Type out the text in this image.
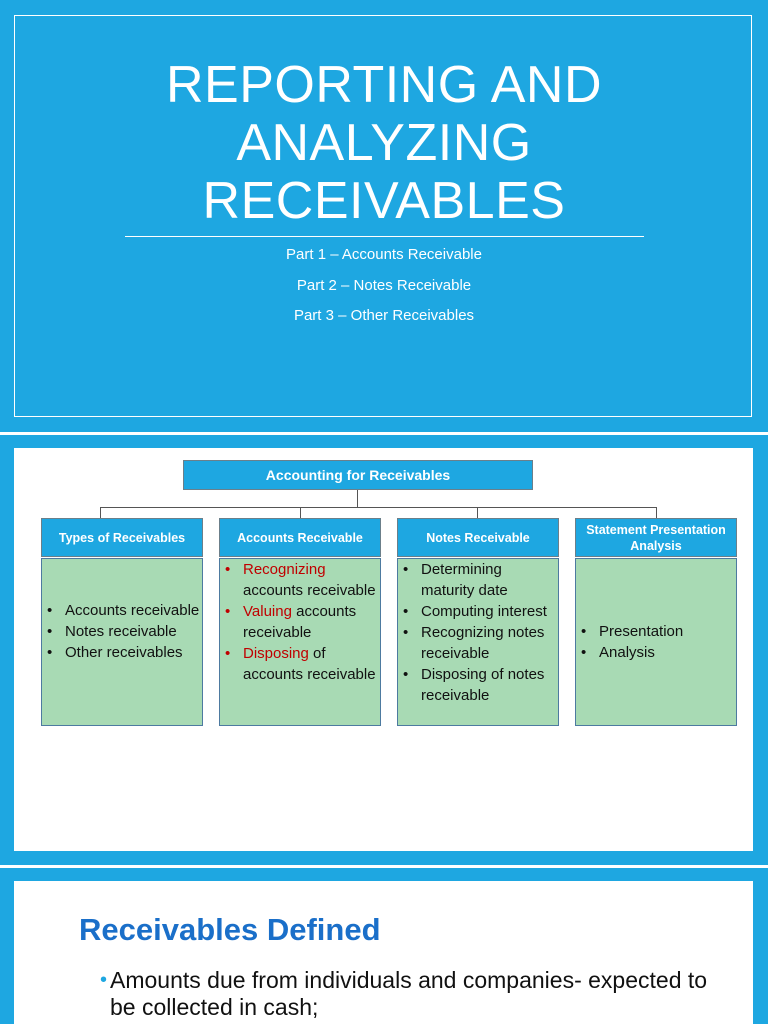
REPORTING AND
ANALYZING
RECEIVABLES
Part 1 – Accounts Receivable
Part 2 – Notes Receivable
Part 3 – Other Receivables
Accounting for Receivables
Types of Receivables
• Accounts receivable
• Notes receivable
• Other receivables
Accounts Receivable
• Recognizing accounts receivable
• Valuing accounts receivable
• Disposing of accounts receivable
Notes Receivable
• Determining maturity date
• Computing interest
• Recognizing notes receivable
• Disposing of notes receivable
Statement Presentation Analysis
• Presentation
• Analysis
Receivables Defined
• Amounts due from individuals and companies- expected to be collected in cash;
